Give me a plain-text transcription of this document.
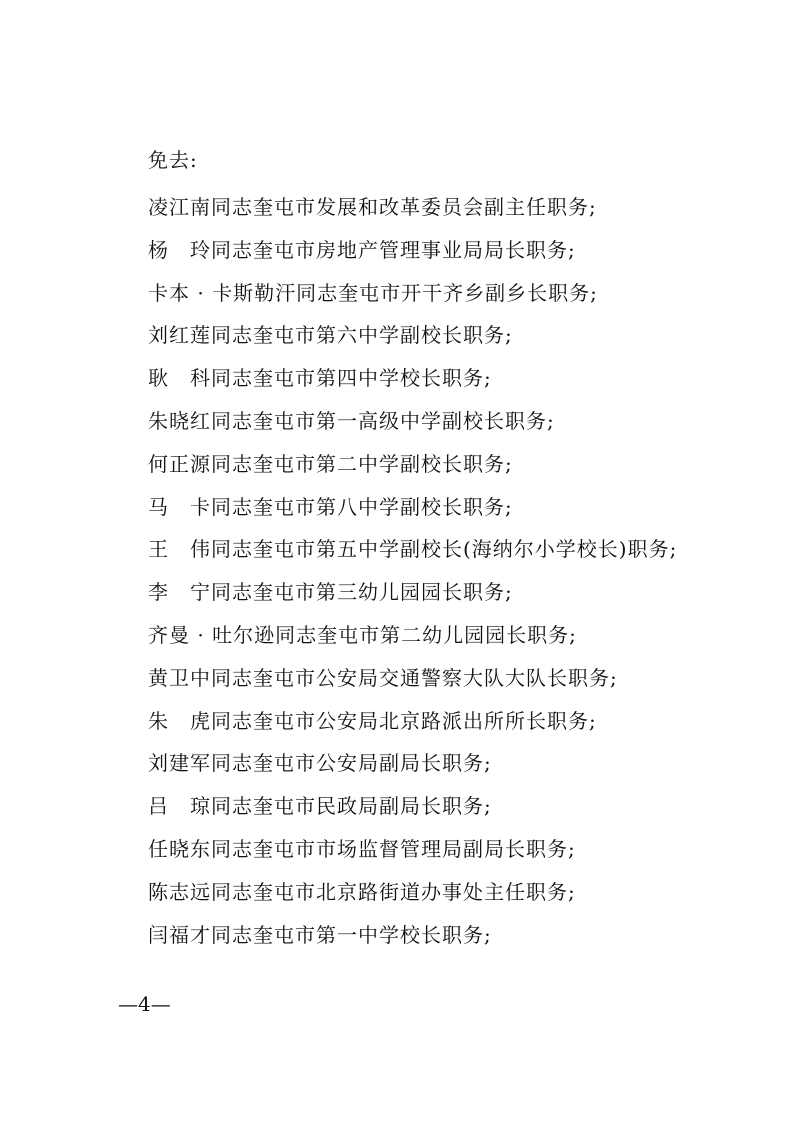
免去:
凌江南同志奎屯市发展和改革委员会副主任职务;
杨　玲同志奎屯市房地产管理事业局局长职务;
卡本 · 卡斯勒汗同志奎屯市开干齐乡副乡长职务;
刘红莲同志奎屯市第六中学副校长职务;
耿　科同志奎屯市第四中学校长职务;
朱晓红同志奎屯市第一高级中学副校长职务;
何正源同志奎屯市第二中学副校长职务;
马　卡同志奎屯市第八中学副校长职务;
王　伟同志奎屯市第五中学副校长(海纳尔小学校长)职务;
李　宁同志奎屯市第三幼儿园园长职务;
齐曼 · 吐尔逊同志奎屯市第二幼儿园园长职务;
黄卫中同志奎屯市公安局交通警察大队大队长职务;
朱　虎同志奎屯市公安局北京路派出所所长职务;
刘建军同志奎屯市公安局副局长职务;
吕　琼同志奎屯市民政局副局长职务;
任晓东同志奎屯市市场监督管理局副局长职务;
陈志远同志奎屯市北京路街道办事处主任职务;
闫福才同志奎屯市第一中学校长职务;
—4—
